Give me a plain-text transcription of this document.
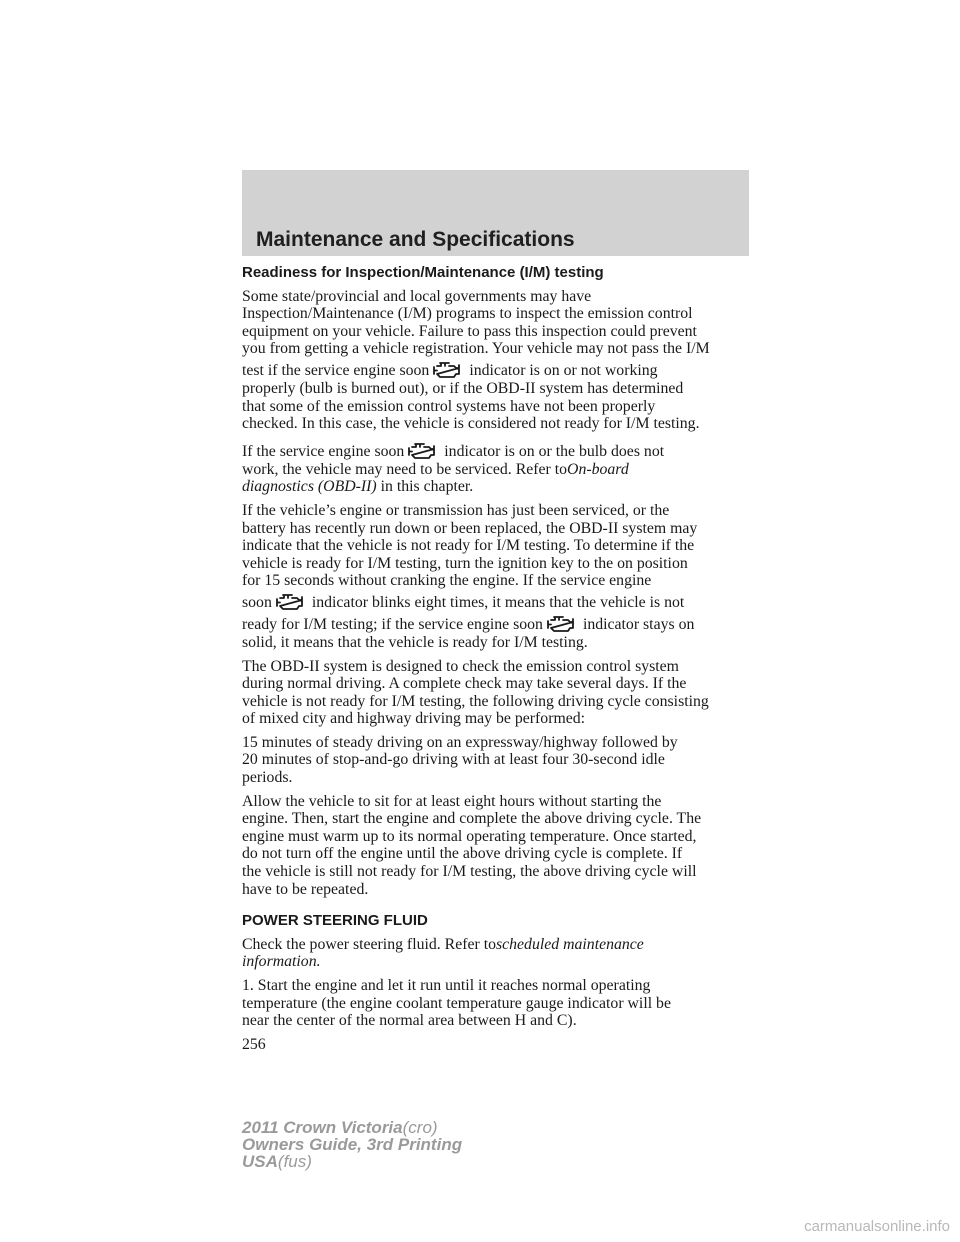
Maintenance and Specifications
Readiness for Inspection/Maintenance (I/M) testing

Some state/provincial and local governments may have
Inspection/Maintenance (I/M) programs to inspect the emission control
equipment on your vehicle. Failure to pass this inspection could prevent
you from getting a vehicle registration. Your vehicle may not pass the I/M
test if the service engine soon	indicator is on or not working
properly (bulb is burned out), or if the OBD-II system has determined
that some of the emission control systems have not been properly
checked. In this case, the vehicle is considered not ready for I/M testing.

If the service engine soon	indicator is on or the bulb does not
work, the vehicle may need to be serviced. Refer toOn-board
diagnostics (OBD-II) in this chapter.

If the vehicle’s engine or transmission has just been serviced, or the
battery has recently run down or been replaced, the OBD-II system may
indicate that the vehicle is not ready for I/M testing. To determine if the
vehicle is ready for I/M testing, turn the ignition key to the on position
for 15 seconds without cranking the engine. If the service engine
soon	indicator blinks eight times, it means that the vehicle is not
ready for I/M testing; if the service engine soon	indicator stays on
solid, it means that the vehicle is ready for I/M testing.

The OBD-II system is designed to check the emission control system
during normal driving. A complete check may take several days. If the
vehicle is not ready for I/M testing, the following driving cycle consisting
of mixed city and highway driving may be performed:

15 minutes of steady driving on an expressway/highway followed by
20 minutes of stop-and-go driving with at least four 30-second idle
periods.

Allow the vehicle to sit for at least eight hours without starting the
engine. Then, start the engine and complete the above driving cycle. The
engine must warm up to its normal operating temperature. Once started,
do not turn off the engine until the above driving cycle is complete. If
the vehicle is still not ready for I/M testing, the above driving cycle will
have to be repeated.

POWER STEERING FLUID

Check the power steering fluid. Refer toscheduled maintenance
information.

1. Start the engine and let it run until it reaches normal operating
temperature (the engine coolant temperature gauge indicator will be
near the center of the normal area between H and C).

256
2011 Crown Victoria(cro)
Owners Guide, 3rd Printing
USA(fus)
carmanualsonline.info
